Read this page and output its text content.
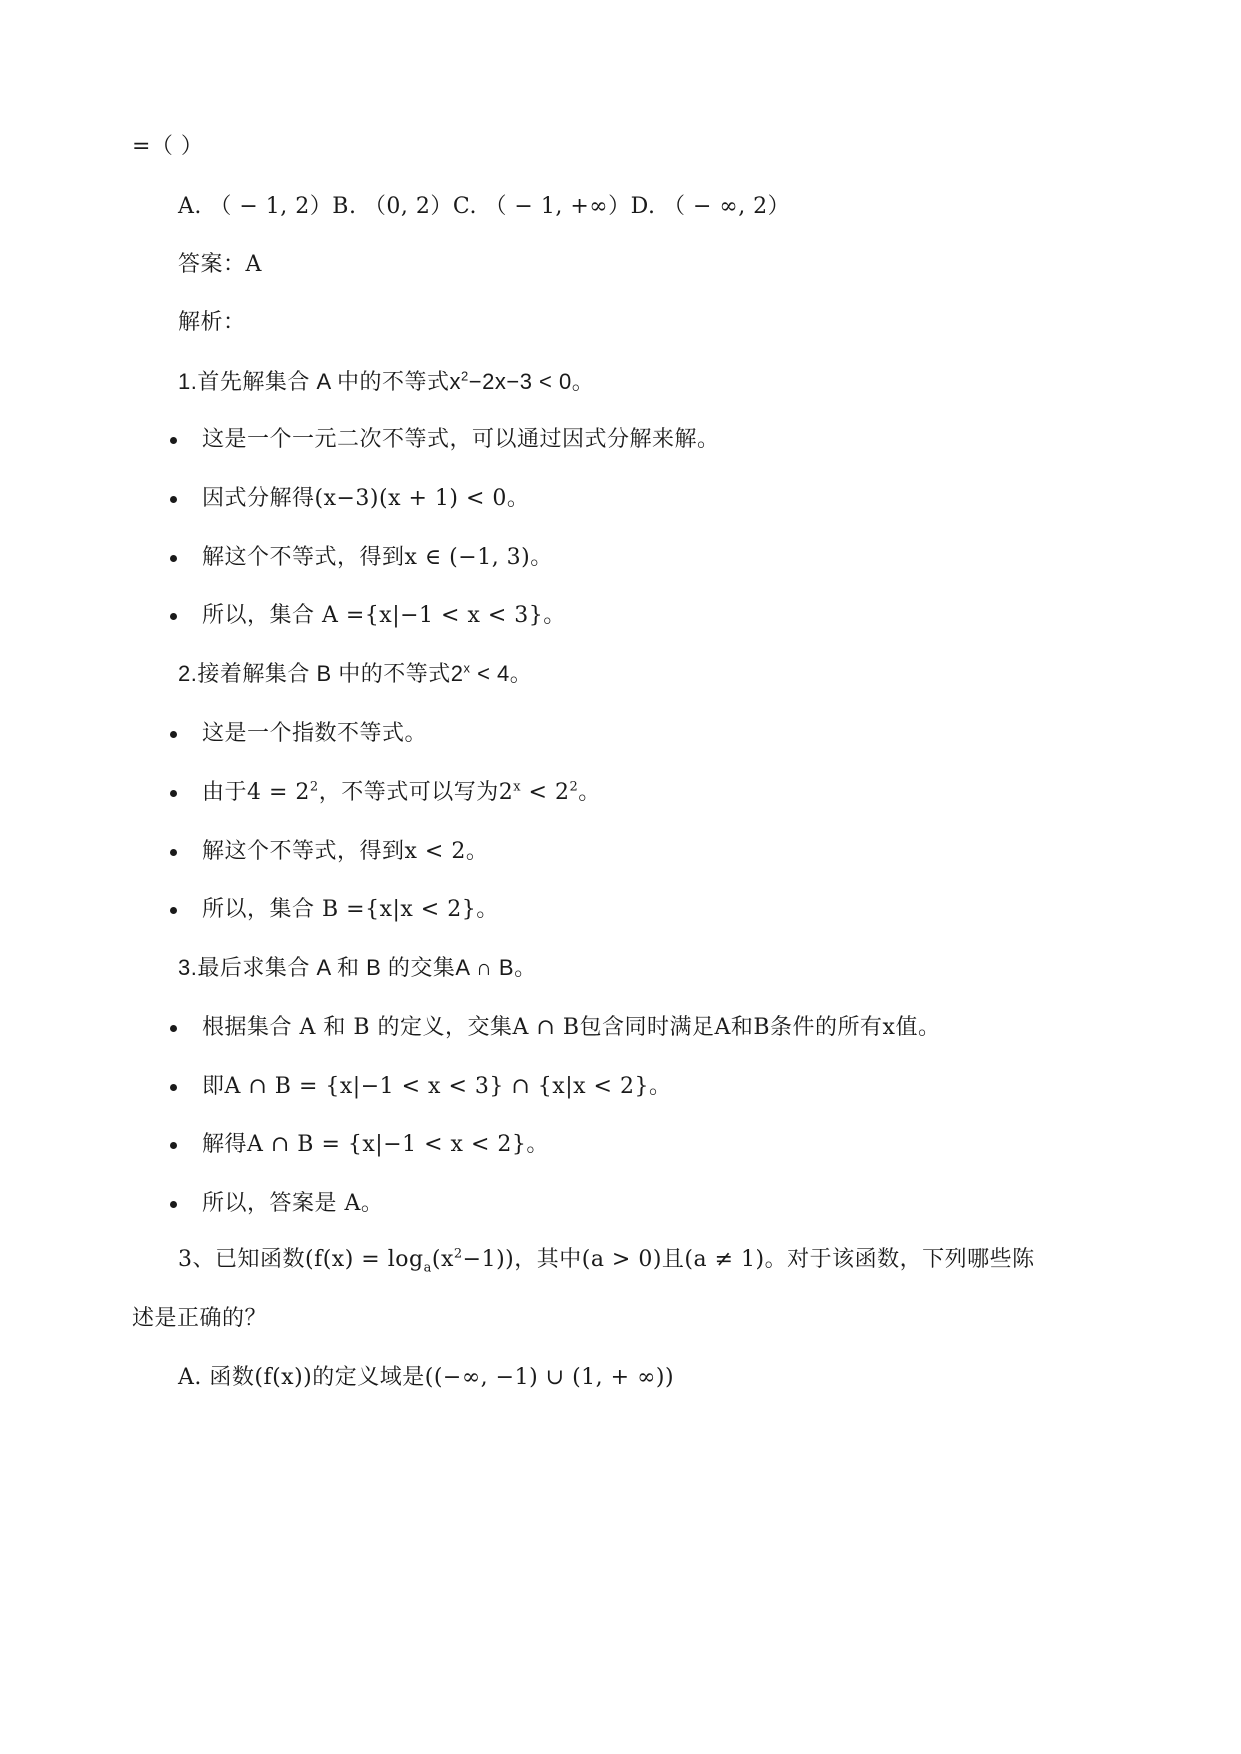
=（ ）
A. （ − 1, 2）B. （0, 2）C. （ − 1, +∞）D. （ − ∞, 2）
答案：A
解析：
1.首先解集合 A 中的不等式$x^2-2x-3 < 0$。
这是一个一元二次不等式，可以通过因式分解来解。
因式分解得(x−3)(x + 1) < 0。
解这个不等式，得到x ∈ (−1, 3)。
所以，集合 A ={x|−1 < x < 3}。
2.接着解集合 B 中的不等式$2^x < 4$。
这是一个指数不等式。
由于$4 = 2^2$，不等式可以写为$2^x < 2^2$。
解这个不等式，得到x < 2。
所以，集合 B ={x|x < 2}。
3.最后求集合 A 和 B 的交集A ∩ B。
根据集合 A 和 B 的定义，交集A ∩ B包含同时满足A和B条件的所有x值。
即A ∩ B = {x|−1 < x < 3} ∩ {x|x < 2}。
解得A ∩ B = {x|−1 < x < 2}。
所以，答案是 A。
3、已知函数$(f(x) = \log_a(x^2-1))$，其中(a > 0)且(a ≠ 1)。对于该函数，下列哪些陈
述是正确的？
A. 函数(f(x))的定义域是((−∞, −1) ∪ (1, + ∞))
